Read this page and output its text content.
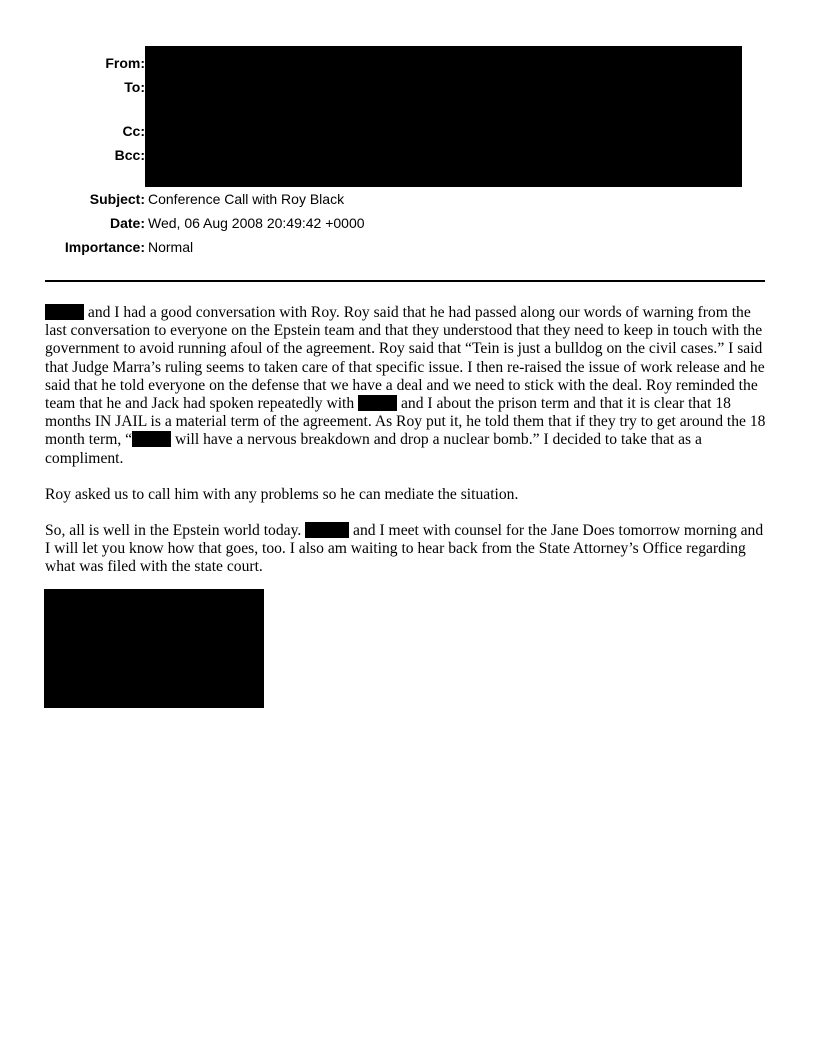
From:
To:
Cc:
Bcc:
Subject: Conference Call with Roy Black
Date: Wed, 06 Aug 2008 20:49:42 +0000
Importance: Normal

and I had a good conversation with Roy. Roy said that he had passed along our words of warning from the last conversation to everyone on the Epstein team and that they understood that they need to keep in touch with the government to avoid running afoul of the agreement. Roy said that “Tein is just a bulldog on the civil cases.” I said that Judge Marra’s ruling seems to taken care of that specific issue. I then re-raised the issue of work release and he said that he told everyone on the defense that we have a deal and we need to stick with the deal. Roy reminded the team that he and Jack had spoken repeatedly with	and I about the prison term and that it is clear that 18 months IN JAIL is a material term of the agreement. As Roy put it, he told them that if they try to get around the 18 month term, “	will have a nervous breakdown and drop a nuclear bomb.” I decided to take that as a compliment.

Roy asked us to call him with any problems so he can mediate the situation.

So, all is well in the Epstein world today.	and I meet with counsel for the Jane Does tomorrow morning and I will let you know how that goes, too. I also am waiting to hear back from the State Attorney’s Office regarding what was filed with the state court.
